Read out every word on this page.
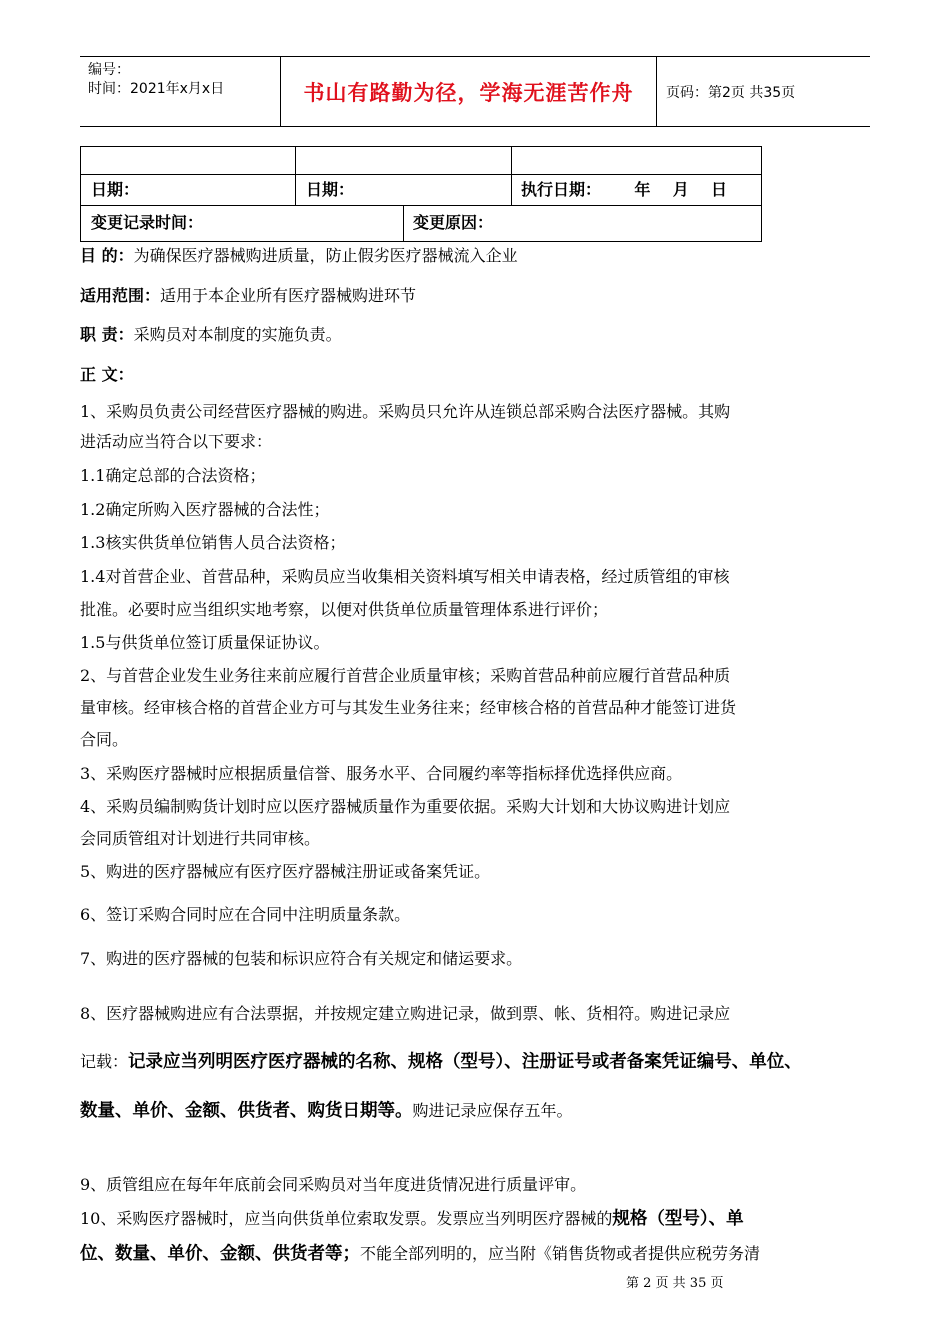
编号：
时间：2021年x月x日	书山有路勤为径，学海无涯苦作舟	页码：第2页 共35页
日期：	日期：	执行日期：      年    月    日
变更记录时间：	变更原因：
目 的：为确保医疗器械购进质量，防止假劣医疗器械流入企业
适用范围：适用于本企业所有医疗器械购进环节
职 责：采购员对本制度的实施负责。
正 文：
1、采购员负责公司经营医疗器械的购进。采购员只允许从连锁总部采购合法医疗器械。其购
进活动应当符合以下要求：
1.1确定总部的合法资格；
1.2确定所购入医疗器械的合法性；
1.3核实供货单位销售人员合法资格；
1.4对首营企业、首营品种，采购员应当收集相关资料填写相关申请表格，经过质管组的审核
批准。必要时应当组织实地考察，以便对供货单位质量管理体系进行评价；
1.5与供货单位签订质量保证协议。
2、与首营企业发生业务往来前应履行首营企业质量审核；采购首营品种前应履行首营品种质
量审核。经审核合格的首营企业方可与其发生业务往来；经审核合格的首营品种才能签订进货
合同。
3、采购医疗器械时应根据质量信誉、服务水平、合同履约率等指标择优选择供应商。
4、采购员编制购货计划时应以医疗器械质量作为重要依据。采购大计划和大协议购进计划应
会同质管组对计划进行共同审核。
5、购进的医疗器械应有医疗医疗器械注册证或备案凭证。
6、签订采购合同时应在合同中注明质量条款。
7、购进的医疗器械的包装和标识应符合有关规定和储运要求。
8、医疗器械购进应有合法票据，并按规定建立购进记录，做到票、帐、货相符。购进记录应
记载：记录应当列明医疗医疗器械的名称、规格（型号）、注册证号或者备案凭证编号、单位、
数量、单价、金额、供货者、购货日期等。购进记录应保存五年。
9、质管组应在每年年底前会同采购员对当年度进货情况进行质量评审。
10、采购医疗器械时，应当向供货单位索取发票。发票应当列明医疗器械的规格（型号）、单
位、数量、单价、金额、供货者等；不能全部列明的，应当附《销售货物或者提供应税劳务清
第 2 页 共 35 页
